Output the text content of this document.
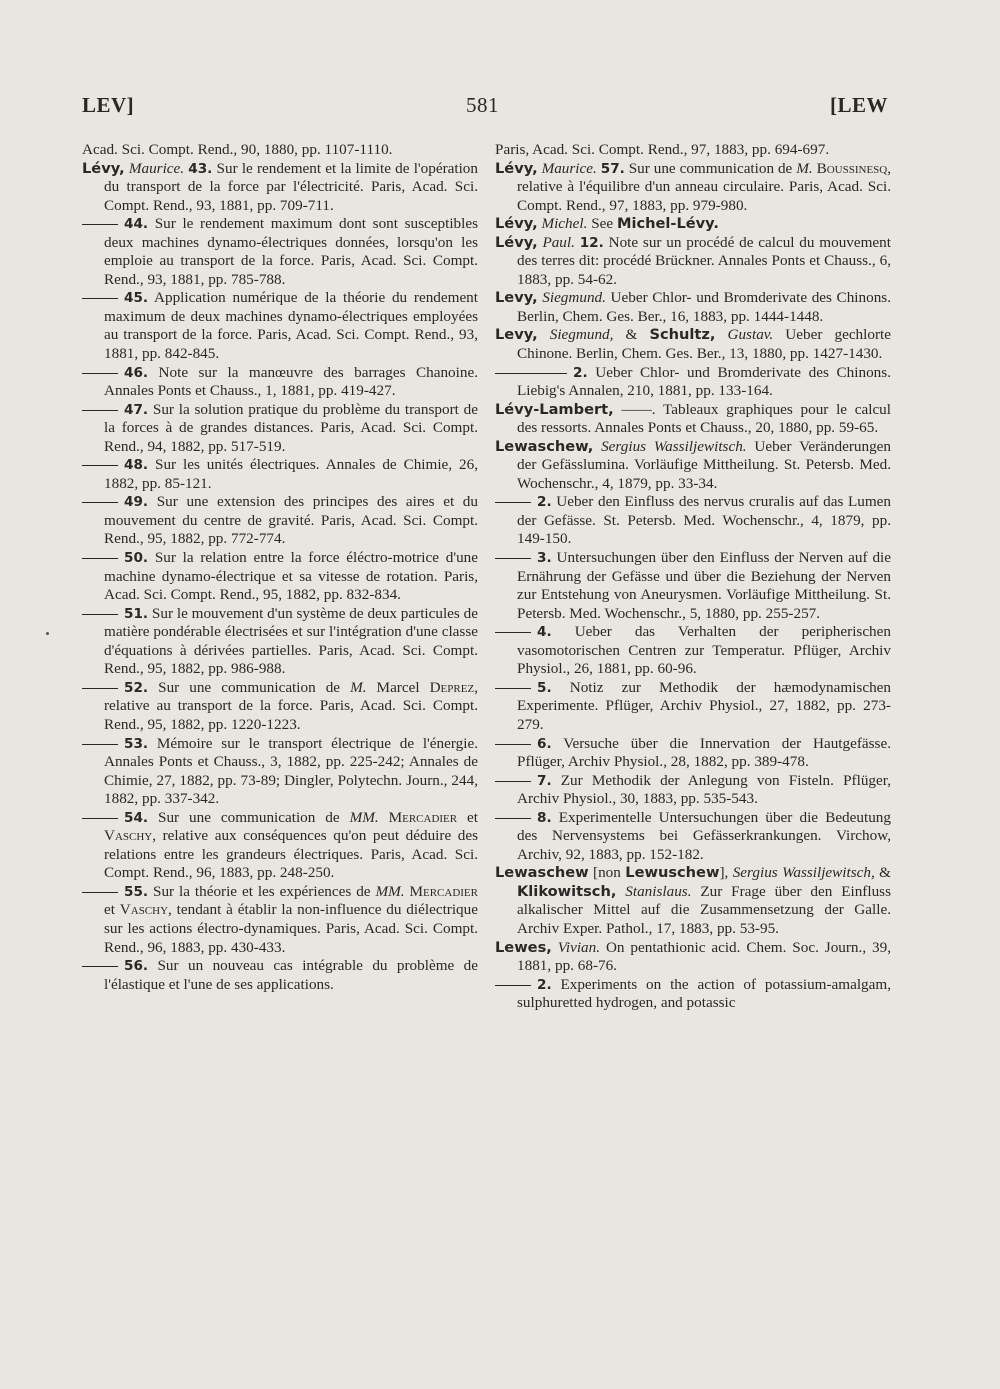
LEV]	581	[LEW

Acad. Sci. Compt. Rend., 90, 1880, pp. 1107-1110.

Lévy, Maurice. 43. Sur le rendement et la limite de l'opération du transport de la force par l'électricité. Paris, Acad. Sci. Compt. Rend., 93, 1881, pp. 709-711.

44. Sur le rendement maximum dont sont susceptibles deux machines dynamo-électriques données, lorsqu'on les emploie au transport de la force. Paris, Acad. Sci. Compt. Rend., 93, 1881, pp. 785-788.

45. Application numérique de la théorie du rendement maximum de deux machines dynamo-électriques employées au transport de la force. Paris, Acad. Sci. Compt. Rend., 93, 1881, pp. 842-845.

46. Note sur la manœuvre des barrages Chanoine. Annales Ponts et Chauss., 1, 1881, pp. 419-427.

47. Sur la solution pratique du problème du transport de la forces à de grandes distances. Paris, Acad. Sci. Compt. Rend., 94, 1882, pp. 517-519.

48. Sur les unités électriques. Annales de Chimie, 26, 1882, pp. 85-121.

49. Sur une extension des principes des aires et du mouvement du centre de gravité. Paris, Acad. Sci. Compt. Rend., 95, 1882, pp. 772-774.

50. Sur la relation entre la force éléctro-motrice d'une machine dynamo-électrique et sa vitesse de rotation. Paris, Acad. Sci. Compt. Rend., 95, 1882, pp. 832-834.

51. Sur le mouvement d'un système de deux particules de matière pondérable électrisées et sur l'intégration d'une classe d'équations à dérivées partielles. Paris, Acad. Sci. Compt. Rend., 95, 1882, pp. 986-988.

52. Sur une communication de M. Marcel Deprez, relative au transport de la force. Paris, Acad. Sci. Compt. Rend., 95, 1882, pp. 1220-1223.

53. Mémoire sur le transport électrique de l'énergie. Annales Ponts et Chauss., 3, 1882, pp. 225-242; Annales de Chimie, 27, 1882, pp. 73-89; Dingler, Polytechn. Journ., 244, 1882, pp. 337-342.

54. Sur une communication de MM. Mercadier et Vaschy, relative aux conséquences qu'on peut déduire des relations entre les grandeurs électriques. Paris, Acad. Sci. Compt. Rend., 96, 1883, pp. 248-250.

55. Sur la théorie et les expériences de MM. Mercadier et Vaschy, tendant à établir la non-influence du diélectrique sur les actions électro-dynamiques. Paris, Acad. Sci. Compt. Rend., 96, 1883, pp. 430-433.

56. Sur un nouveau cas intégrable du problème de l'élastique et l'une de ses applications.

Paris, Acad. Sci. Compt. Rend., 97, 1883, pp. 694-697.

Lévy, Maurice. 57. Sur une communication de M. Boussinesq, relative à l'équilibre d'un anneau circulaire. Paris, Acad. Sci. Compt. Rend., 97, 1883, pp. 979-980.

Lévy, Michel. See Michel-Lévy.

Lévy, Paul. 12. Note sur un procédé de calcul du mouvement des terres dit: procédé Brückner. Annales Ponts et Chauss., 6, 1883, pp. 54-62.

Levy, Siegmund. Ueber Chlor- und Bromderivate des Chinons. Berlin, Chem. Ges. Ber., 16, 1883, pp. 1444-1448.

Levy, Siegmund, & Schultz, Gustav. Ueber gechlorte Chinone. Berlin, Chem. Ges. Ber., 13, 1880, pp. 1427-1430.

2. Ueber Chlor- und Bromderivate des Chinons. Liebig's Annalen, 210, 1881, pp. 133-164.

Lévy-Lambert, ——. Tableaux graphiques pour le calcul des ressorts. Annales Ponts et Chauss., 20, 1880, pp. 59-65.

Lewaschew, Sergius Wassiljewitsch. Ueber Veränderungen der Gefässlumina. Vorläufige Mittheilung. St. Petersb. Med. Wochenschr., 4, 1879, pp. 33-34.

2. Ueber den Einfluss des nervus cruralis auf das Lumen der Gefässe. St. Petersb. Med. Wochenschr., 4, 1879, pp. 149-150.

3. Untersuchungen über den Einfluss der Nerven auf die Ernährung der Gefässe und über die Beziehung der Nerven zur Entstehung von Aneurysmen. Vorläufige Mittheilung. St. Petersb. Med. Wochenschr., 5, 1880, pp. 255-257.

4. Ueber das Verhalten der peripherischen vasomotorischen Centren zur Temperatur. Pflüger, Archiv Physiol., 26, 1881, pp. 60-96.

5. Notiz zur Methodik der hæmodynamischen Experimente. Pflüger, Archiv Physiol., 27, 1882, pp. 273-279.

6. Versuche über die Innervation der Hautgefässe. Pflüger, Archiv Physiol., 28, 1882, pp. 389-478.

7. Zur Methodik der Anlegung von Fisteln. Pflüger, Archiv Physiol., 30, 1883, pp. 535-543.

8. Experimentelle Untersuchungen über die Bedeutung des Nervensystems bei Gefässerkrankungen. Virchow, Archiv, 92, 1883, pp. 152-182.

Lewaschew [non Lewuschew], Sergius Wassiljewitsch, & Klikowitsch, Stanislaus. Zur Frage über den Einfluss alkalischer Mittel auf die Zusammensetzung der Galle. Archiv Exper. Pathol., 17, 1883, pp. 53-95.

Lewes, Vivian. On pentathionic acid. Chem. Soc. Journ., 39, 1881, pp. 68-76.

2. Experiments on the action of potassium-amalgam, sulphuretted hydrogen, and potassic
